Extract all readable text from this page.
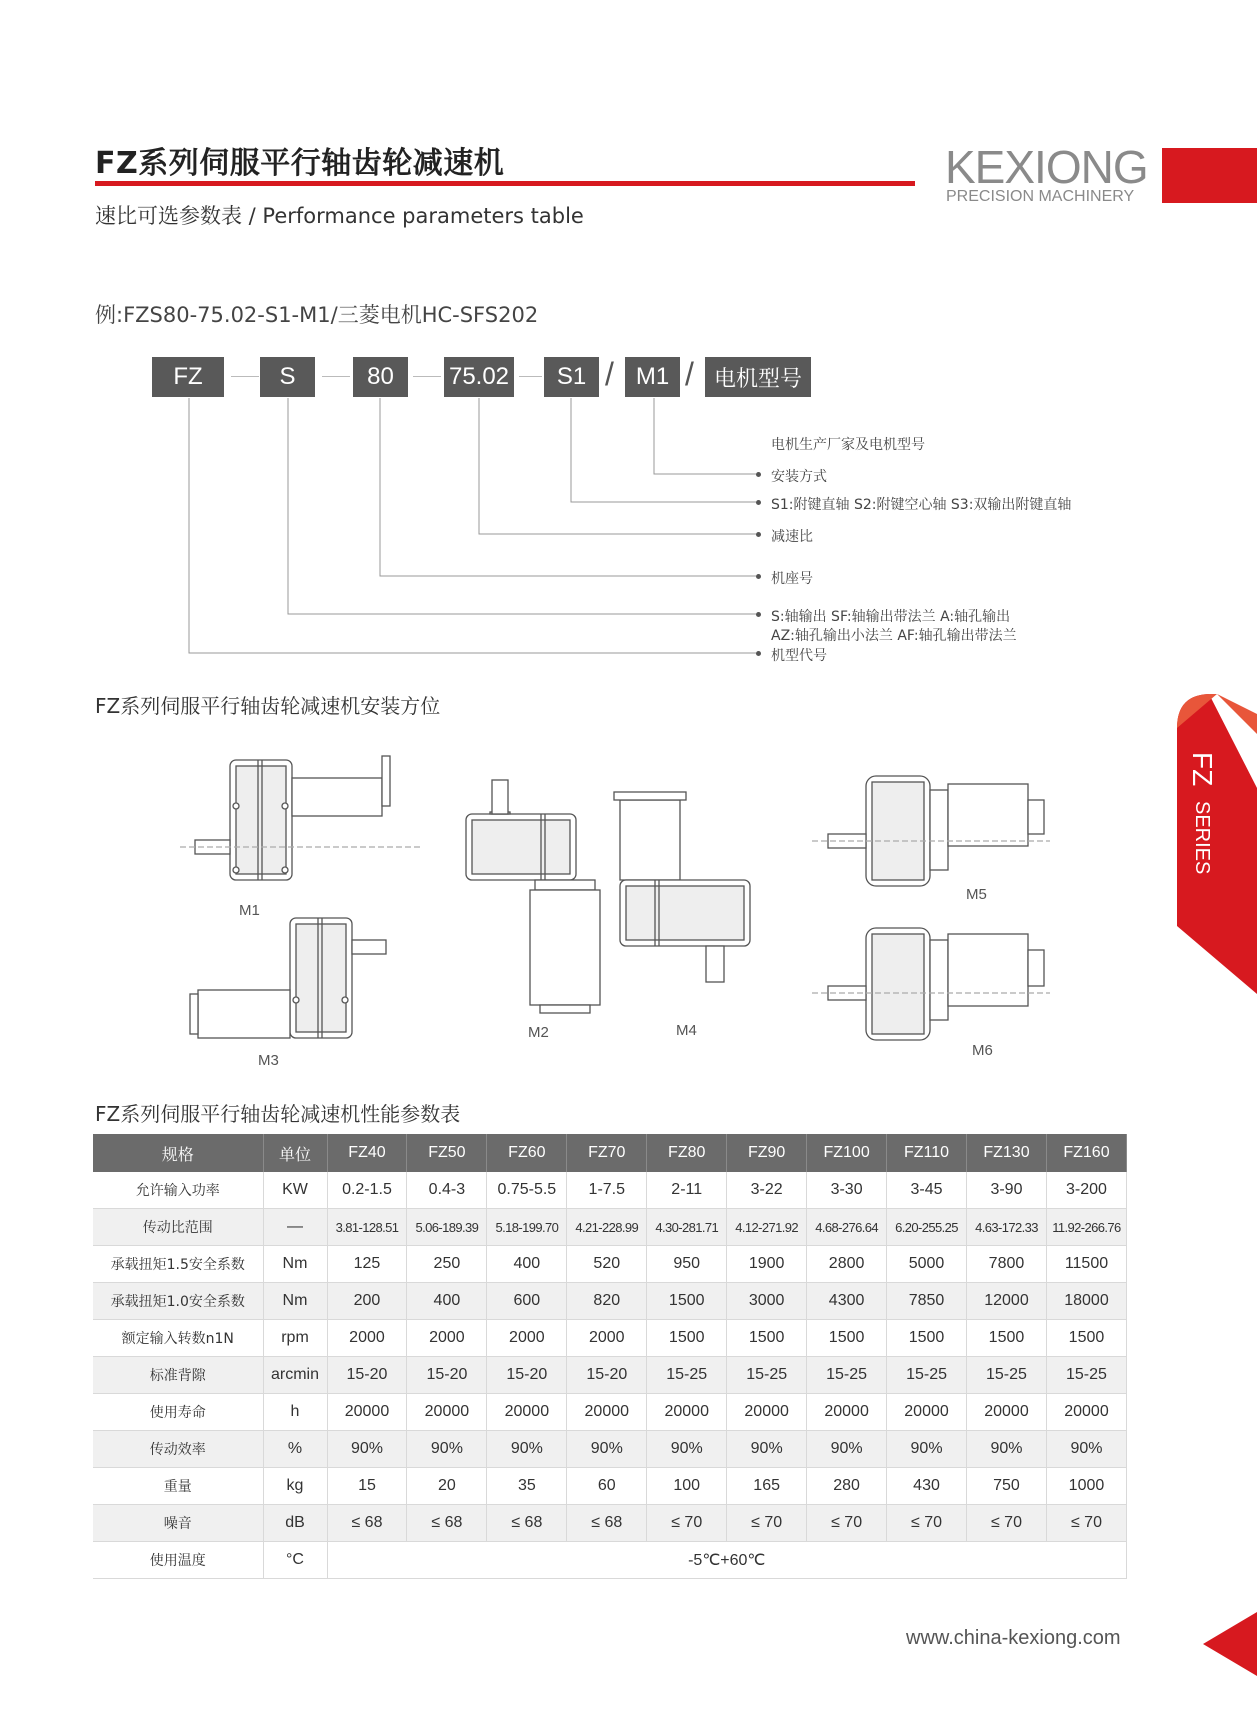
FZ系列伺服平行轴齿轮减速机
速比可选参数表 / Performance parameters table
KEXIONG
PRECISION MACHINERY
例:FZS80-75.02-S1-M1/三菱电机HC-SFS202
FZ	S	80	75.02	S1 / M1 / 电机型号
电机生产厂家及电机型号
安装方式
S1:附键直轴 S2:附键空心轴 S3:双输出附键直轴
减速比
机座号
S:轴输出 SF:轴输出带法兰 A:轴孔输出
AZ:轴孔输出小法兰 AF:轴孔输出带法兰
机型代号
FZ系列伺服平行轴齿轮减速机安装方位
M1
M2
M3
M4
M5
M6
FZ SERIES
FZ系列伺服平行轴齿轮减速机性能参数表
规格	单位	FZ40	FZ50	FZ60	FZ70	FZ80	FZ90	FZ100	FZ110	FZ130	FZ160
允许输入功率	KW	0.2-1.5	0.4-3	0.75-5.5	1-7.5	2-11	3-22	3-30	3-45	3-90	3-200
传动比范围	—	3.81-128.51	5.06-189.39	5.18-199.70	4.21-228.99	4.30-281.71	4.12-271.92	4.68-276.64	6.20-255.25	4.63-172.33	11.92-266.76
承载扭矩1.5安全系数	Nm	125	250	400	520	950	1900	2800	5000	7800	11500
承载扭矩1.0安全系数	Nm	200	400	600	820	1500	3000	4300	7850	12000	18000
额定输入转数n1N	rpm	2000	2000	2000	2000	1500	1500	1500	1500	1500	1500
标准背隙	arcmin	15-20	15-20	15-20	15-20	15-25	15-25	15-25	15-25	15-25	15-25
使用寿命	h	20000	20000	20000	20000	20000	20000	20000	20000	20000	20000
传动效率	%	90%	90%	90%	90%	90%	90%	90%	90%	90%	90%
重量	kg	15	20	35	60	100	165	280	430	750	1000
噪音	dB	≤ 68	≤ 68	≤ 68	≤ 68	≤ 70	≤ 70	≤ 70	≤ 70	≤ 70	≤ 70
使用温度	°C	-5℃+60℃									
www.china-kexiong.com
